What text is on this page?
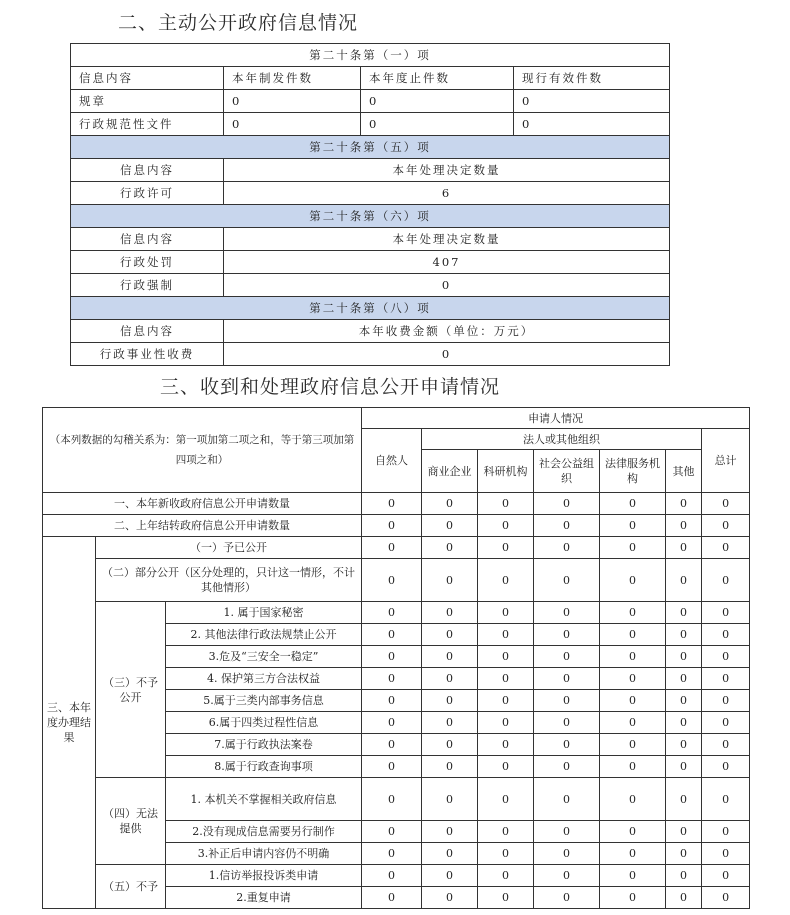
二、主动公开政府信息情况
第二十条第（一）项			
信息内容	本年制发件数	本年度止件数	现行有效件数
规章	0	0	0
行政规范性文件	0	0	0
第二十条第（五）项			
信息内容	本年处理决定数量		
行政许可	6		
第二十条第（六）项			
信息内容	本年处理决定数量		
行政处罚	407		
行政强制	0		
第二十条第（八）项			
信息内容	本年收费金额（单位：万元）		
行政事业性收费	0		
三、收到和处理政府信息公开申请情况
（本列数据的勾稽关系为：第一项加第二项之和，等于第三项加第四项之和）			申请人情况						
			自然人	法人或其他组织					总计
				商业企业	科研机构	社会公益组织	法律服务机构	其他	
一、本年新收政府信息公开申请数量			0	0	0	0	0	0	0
二、上年结转政府信息公开申请数量			0	0	0	0	0	0	0
三、本年度办理结果	（一）予已公开		0	0	0	0	0	0	0
	（二）部分公开（区分处理的，只计这一情形，不计其他情形）		0	0	0	0	0	0	0
	（三）不予公开	1. 属于国家秘密	0	0	0	0	0	0	0
		2. 其他法律行政法规禁止公开	0	0	0	0	0	0	0
		3.危及“三安全一稳定”	0	0	0	0	0	0	0
		4. 保护第三方合法权益	0	0	0	0	0	0	0
		5.属于三类内部事务信息	0	0	0	0	0	0	0
		6.属于四类过程性信息	0	0	0	0	0	0	0
		7.属于行政执法案卷	0	0	0	0	0	0	0
		8.属于行政查询事项	0	0	0	0	0	0	0
	（四）无法提供	1. 本机关不掌握相关政府信息	0	0	0	0	0	0	0
		2.没有现成信息需要另行制作	0	0	0	0	0	0	0
		3.补正后申请内容仍不明确	0	0	0	0	0	0	0
	（五）不予	1.信访举报投诉类申请	0	0	0	0	0	0	0
		2.重复申请	0	0	0	0	0	0	0
